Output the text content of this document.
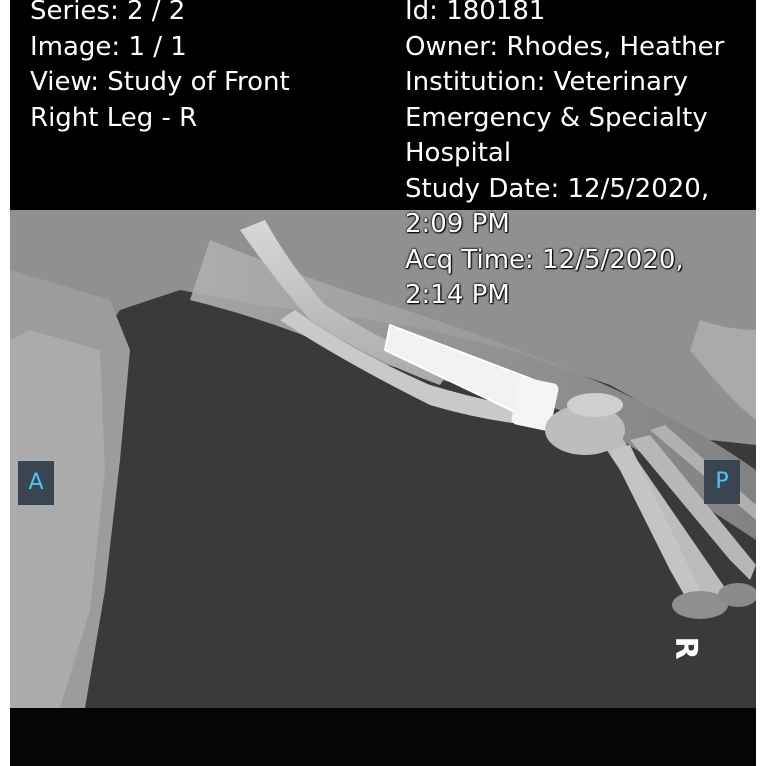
Series: 2 / 2
Image: 1 / 1
View: Study of Front
Right Leg - R
Id: 180181
Owner: Rhodes, Heather
Institution: Veterinary
Emergency & Specialty
Hospital
Study Date: 12/5/2020,
2:09 PM
Acq Time: 12/5/2020,
2:14 PM
A	P
R
